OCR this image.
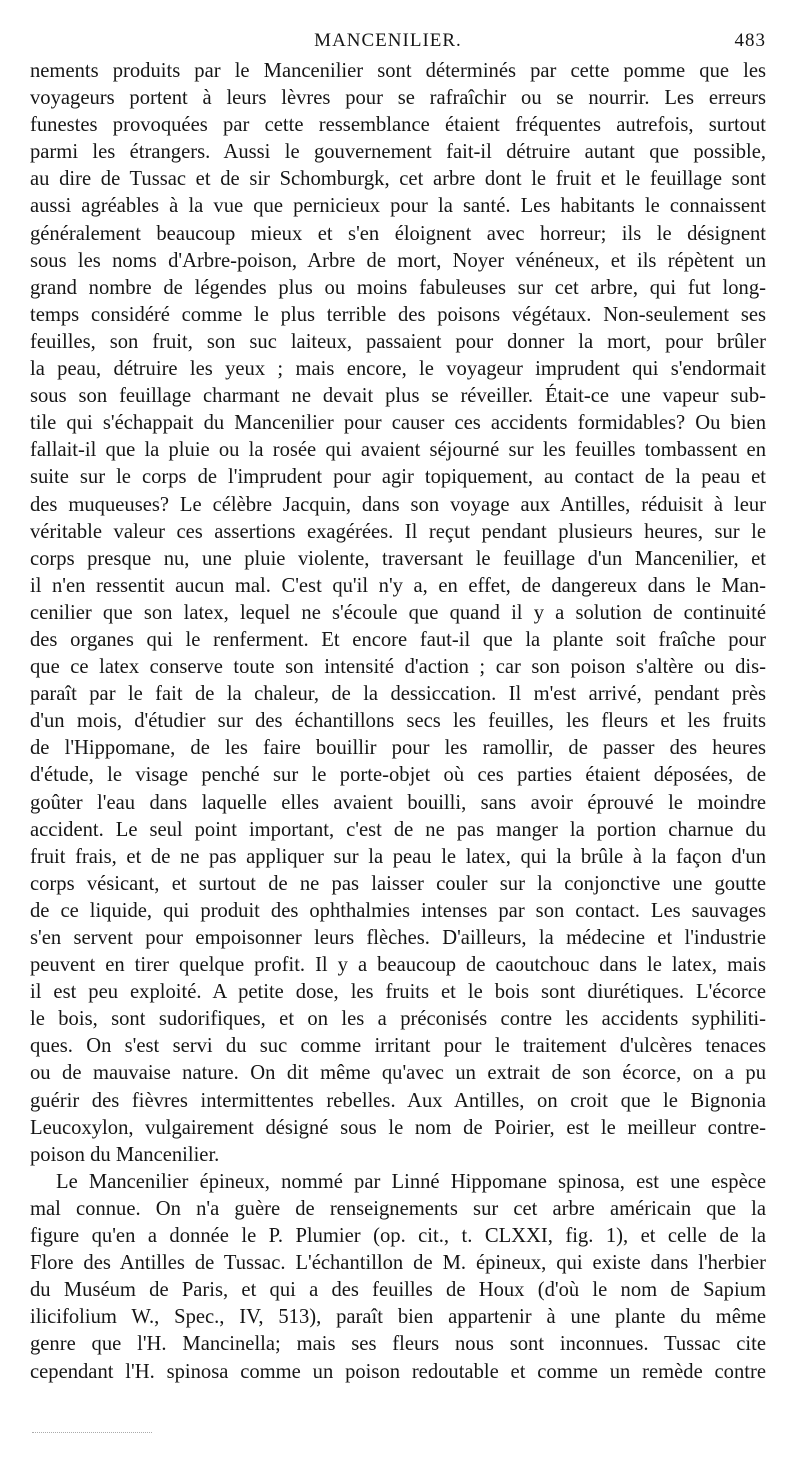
MANCENILIER.	483
nements produits par le Mancenilier sont déterminés par cette pomme que les
voyageurs portent à leurs lèvres pour se rafraîchir ou se nourrir. Les erreurs
funestes provoquées par cette ressemblance étaient fréquentes autrefois, surtout
parmi les étrangers. Aussi le gouvernement fait-il détruire autant que possible,
au dire de Tussac et de sir Schomburgk, cet arbre dont le fruit et le feuillage sont
aussi agréables à la vue que pernicieux pour la santé. Les habitants le connaissent
généralement beaucoup mieux et s'en éloignent avec horreur; ils le désignent
sous les noms d'Arbre-poison, Arbre de mort, Noyer vénéneux, et ils répètent un
grand nombre de légendes plus ou moins fabuleuses sur cet arbre, qui fut long-
temps considéré comme le plus terrible des poisons végétaux. Non-seulement ses
feuilles, son fruit, son suc laiteux, passaient pour donner la mort, pour brûler
la peau, détruire les yeux ; mais encore, le voyageur imprudent qui s'endormait
sous son feuillage charmant ne devait plus se réveiller. Était-ce une vapeur sub-
tile qui s'échappait du Mancenilier pour causer ces accidents formidables? Ou bien
fallait-il que la pluie ou la rosée qui avaient séjourné sur les feuilles tombassent en
suite sur le corps de l'imprudent pour agir topiquement, au contact de la peau et
des muqueuses? Le célèbre Jacquin, dans son voyage aux Antilles, réduisit à leur
véritable valeur ces assertions exagérées. Il reçut pendant plusieurs heures, sur le
corps presque nu, une pluie violente, traversant le feuillage d'un Mancenilier, et
il n'en ressentit aucun mal. C'est qu'il n'y a, en effet, de dangereux dans le Man-
cenilier que son latex, lequel ne s'écoule que quand il y a solution de continuité
des organes qui le renferment. Et encore faut-il que la plante soit fraîche pour
que ce latex conserve toute son intensité d'action ; car son poison s'altère ou dis-
paraît par le fait de la chaleur, de la dessiccation. Il m'est arrivé, pendant près
d'un mois, d'étudier sur des échantillons secs les feuilles, les fleurs et les fruits
de l'Hippomane, de les faire bouillir pour les ramollir, de passer des heures
d'étude, le visage penché sur le porte-objet où ces parties étaient déposées, de
goûter l'eau dans laquelle elles avaient bouilli, sans avoir éprouvé le moindre
accident. Le seul point important, c'est de ne pas manger la portion charnue du
fruit frais, et de ne pas appliquer sur la peau le latex, qui la brûle à la façon d'un
corps vésicant, et surtout de ne pas laisser couler sur la conjonctive une goutte
de ce liquide, qui produit des ophthalmies intenses par son contact. Les sauvages
s'en servent pour empoisonner leurs flèches. D'ailleurs, la médecine et l'industrie
peuvent en tirer quelque profit. Il y a beaucoup de caoutchouc dans le latex, mais
il est peu exploité. A petite dose, les fruits et le bois sont diurétiques. L'écorce
le bois, sont sudorifiques, et on les a préconisés contre les accidents syphiliti-
ques. On s'est servi du suc comme irritant pour le traitement d'ulcères tenaces
ou de mauvaise nature. On dit même qu'avec un extrait de son écorce, on a pu
guérir des fièvres intermittentes rebelles. Aux Antilles, on croit que le Bignonia
Leucoxylon, vulgairement désigné sous le nom de Poirier, est le meilleur contre-
poison du Mancenilier.
Le Mancenilier épineux, nommé par Linné Hippomane spinosa, est une espèce
mal connue. On n'a guère de renseignements sur cet arbre américain que la
figure qu'en a donnée le P. Plumier (op. cit., t. CLXXI, fig. 1), et celle de la
Flore des Antilles de Tussac. L'échantillon de M. épineux, qui existe dans l'herbier
du Muséum de Paris, et qui a des feuilles de Houx (d'où le nom de Sapium
ilicifolium W., Spec., IV, 513), paraît bien appartenir à une plante du même
genre que l'H. Mancinella; mais ses fleurs nous sont inconnues. Tussac cite
cependant l'H. spinosa comme un poison redoutable et comme un remède contre
